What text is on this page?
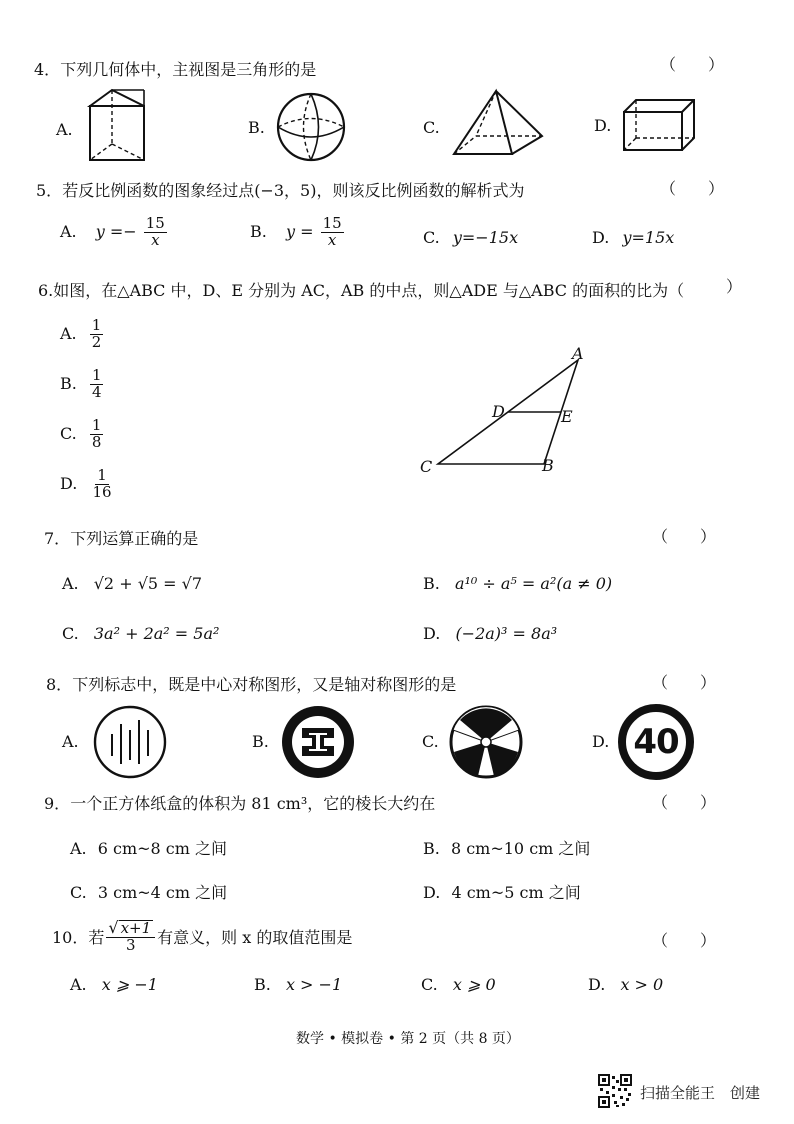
4．下列几何体中，主视图是三角形的是	（　　）
A.	B.	C.	D.
5．若反比例函数的图象经过点(−3，5)，则该反比例函数的解析式为	（　　）
A. $y =- \frac{15}{x}$	B. $y = \frac{15}{x}$	C. y=−15x	D. y=15x
6.如图，在△ABC 中，D、E 分别为 AC，AB 的中点，则△ADE 与△ABC 的面积的比为（	）
A. $\frac{1}{2}$
B. $\frac{1}{4}$
C. $\frac{1}{8}$
D. $\frac{1}{16}$
A
D	E
C	B
7．下列运算正确的是	（　　）
A. √2 + √5 = √7	B. a¹⁰ ÷ a⁵ = a²(a ≠ 0)
C. 3a² + 2a² = 5a²	D. (−2a)³ = 8a³
8．下列标志中，既是中心对称图形，又是轴对称图形的是	（　　）
A.	B.	C.	D. 40
9．一个正方体纸盒的体积为 81 cm³，它的棱长大约在	（　　）
A. 6 cm~8 cm 之间	B. 8 cm~10 cm 之间
C. 3 cm~4 cm 之间	D. 4 cm~5 cm 之间
10． 若 $\frac{√ x+1}{3}$ 有意义，则 x 的取值范围是	（　　）
A. x ⩾ −1	B. x > −1	C. x ⩾ 0	D. x > 0
数学 • 模拟卷 • 第 2 页（共 8 页）
扫描全能王　创建
